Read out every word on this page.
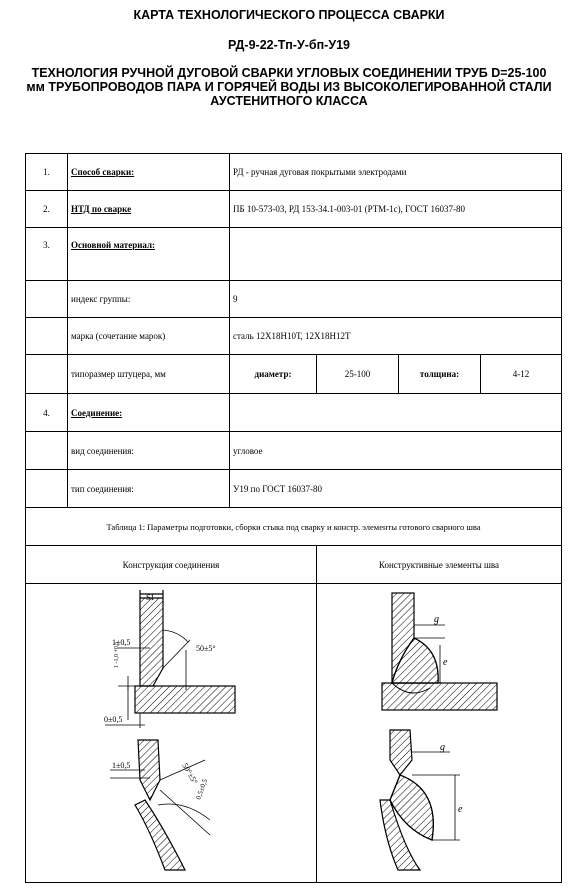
КАРТА ТЕХНОЛОГИЧЕСКОГО ПРОЦЕССА СВАРКИ
РД-9-22-Тп-У-бп-У19
ТЕХНОЛОГИЯ РУЧНОЙ ДУГОВОЙ СВАРКИ УГЛОВЫХ СОЕДИНЕНИИ ТРУБ D=25-100
мм ТРУБОПРОВОДОВ ПАРА И ГОРЯЧЕЙ ВОДЫ ИЗ ВЫСОКОЛЕГИРОВАННОЙ СТАЛИ
АУСТЕНИТНОГО КЛАССА
1.	Способ сварки:	РД - ручная дуговая покрытыми электродами
2.	НТД по сварке	ПБ 10-573-03, РД 153-34.1-003-01 (РТМ-1с), ГОСТ 16037-80
3.	Основной материал:
индекс группы:	9
марка (сочетание марок)	сталь 12Х18Н10Т, 12Х18Н12Т
типоразмер штуцера, мм	диаметр:	25-100	толщина:	4-12
4.	Соединение:
вид соединения:	угловое
тип соединения:	У19 по ГОСТ 16037-80
Таблица 1: Параметры подготовки, сборки стыка под сварку и констр. элементы готового сварного шва
Конструкция соединения	Конструктивные элементы шва
S1
1±0,5
50±5°
1 -1,0 +0,5
0±0,5
1±0,5	50°±5°
0,5±0,5
g
e
g
e
